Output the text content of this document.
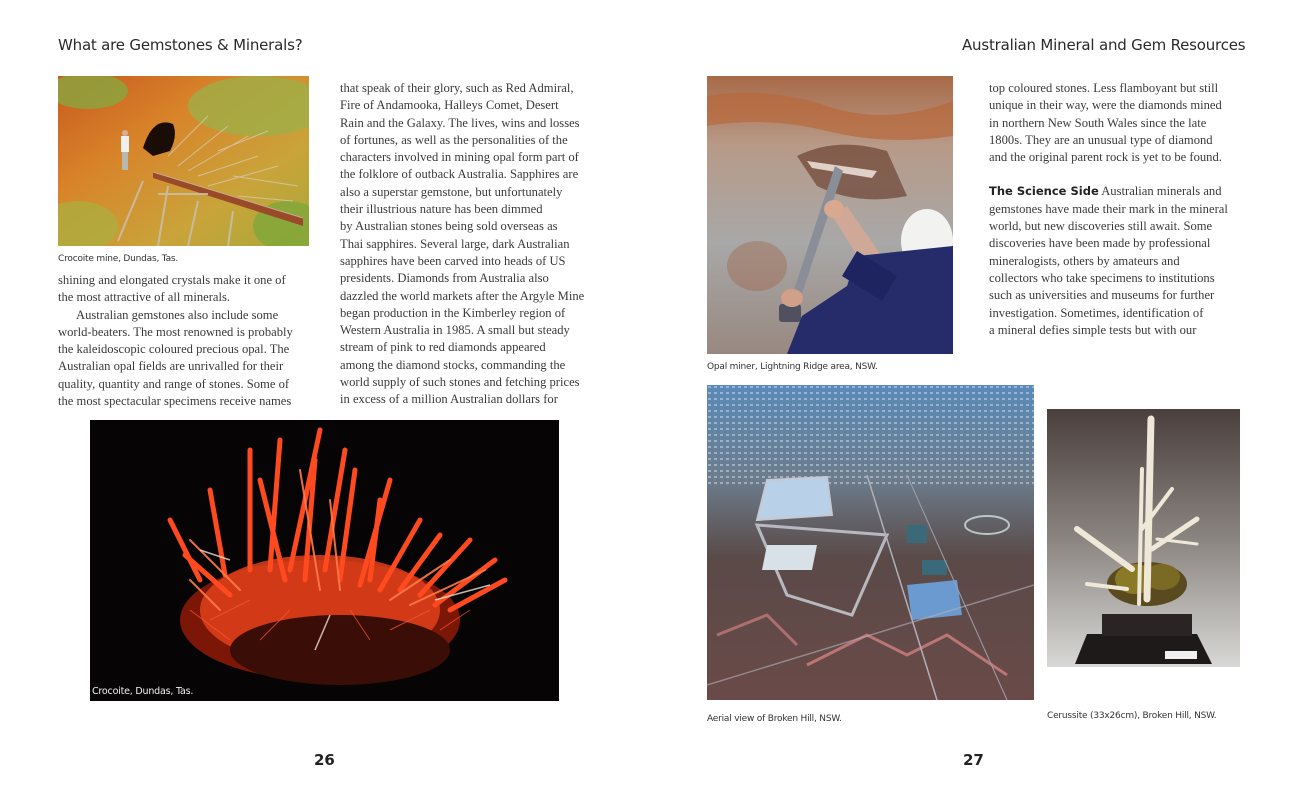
What are Gemstones & Minerals?
Crocoite mine, Dundas, Tas.

shining and elongated crystals make it one of

the most attractive of all minerals.

Australian gemstones also include some

world-beaters. The most renowned is probably

the kaleidoscopic coloured precious opal. The

Australian opal fields are unrivalled for their

quality, quantity and range of stones. Some of

the most spectacular specimens receive names

that speak of their glory, such as Red Admiral,

Fire of Andamooka, Halleys Comet, Desert

Rain and the Galaxy. The lives, wins and losses

of fortunes, as well as the personalities of the

characters involved in mining opal form part of

the folklore of outback Australia. Sapphires are

also a superstar gemstone, but unfortunately

their illustrious nature has been dimmed

by Australian stones being sold overseas as

Thai sapphires. Several large, dark Australian

sapphires have been carved into heads of US

presidents. Diamonds from Australia also

dazzled the world markets after the Argyle Mine

began production in the Kimberley region of

Western Australia in 1985. A small but steady

stream of pink to red diamonds appeared

among the diamond stocks, commanding the

world supply of such stones and fetching prices

in excess of a million Australian dollars for

Crocoite, Dundas, Tas.
26
Australian Mineral and Gem Resources
Opal miner, Lightning Ridge area, NSW.

top coloured stones. Less flamboyant but still

unique in their way, were the diamonds mined

in northern New South Wales since the late

1800s. They are an unusual type of diamond

and the original parent rock is yet to be found.

The Science Side Australian minerals and

gemstones have made their mark in the mineral

world, but new discoveries still await. Some

discoveries have been made by professional

mineralogists, others by amateurs and

collectors who take specimens to institutions

such as universities and museums for further

investigation. Sometimes, identification of

a mineral defies simple tests but with our

Aerial view of Broken Hill, NSW.	Cerussite (33x26cm), Broken Hill, NSW.
27
